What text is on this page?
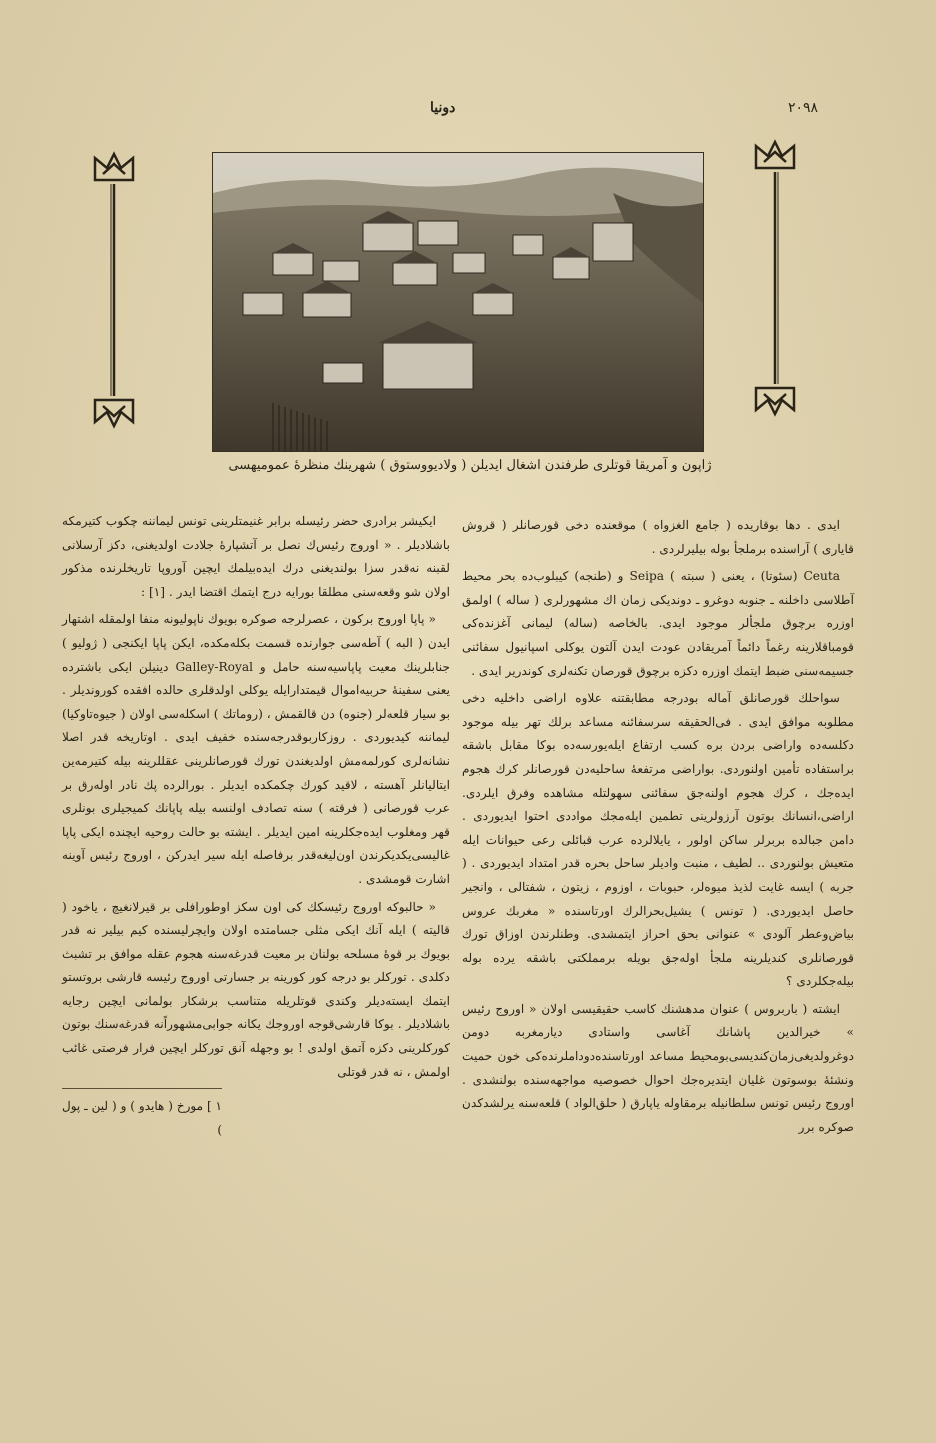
٢٠٩٨
دونیا
ژاپون و آمریقا قوتلری طرفندن اشغال ایدیلن ( ولادیووستوق ) شهرینك منظرهٔ عمومیهسی

ایدی . دها بوقاریده ( جامع الغزواه ) موقعنده دخی قورصانلر ( قروش قایاری ) آراسنده برملجأ بوله بیلیرلردی .

Ceuta (سئوتا) ، یعنی ( سبته ) Seipa و (طنجه) کیبلوب‌ده بحر محیط آطلاسی داخلنه ـ جنوبه دوغرو ـ دوندیکی زمان اك مشهورلری ( ساله ) اولمق اوزره برچوق ملجألر موجود ایدی. بالخاصه (ساله) لیمانی آغزنده‌کی قومباقلارینه رغماً دائماً آمریقادن عودت ایدن آلتون یوکلی اسپانیول سفائنی جسیمه‌سنی ضبط ایتمك اوزره دکزه برچوق قورصان تکنه‌لری کوندریر ایدی .

سواحلك قورصانلق آماله بودرجه مطابقتنه علاوه اراضی داخلیه دخی مطلوبه موافق ایدی . فی‌الحقیقه سرسفائنه مساعد برلك تهر بیله موجود دکلسه‌ده واراضی بردن بره کسب ارتفاع ایله‌یورسه‌ده بوکا مقابل باشقه براستفاده تأمین اولنوردی. بواراضی مرتفعهٔ ساحلیه‌دن قورصانلر کرك هجوم ایده‌جك ، کرك هجوم اولنه‌جق سفائنی سهولتله مشاهده وفرق ایلردی. اراضی،انسانك بوتون آرزولرینی تطمین ایله‌مجك مواددی احتوا ایدیوردی . دامن جبالده بربرلر ساکن اولور ، یایلالرده عرب قبائلی رعی حیوانات ایله متعیش بولنوردی .. لطیف ، منبت وادیلر ساحل بحره قدر امتداد ایدیوردی . ( جربه ) ایسه غایت لذیذ میوه‌لر، حبوبات ، اوزوم ، زیتون ، شفتالی ، وانجیر حاصل ایدیوردی. ( تونس ) یشیل‌بحرالرك اورتاسنده « مغربك عروس بیاض‌وعطر آلودی » عنوانی بحق احراز ایتمشدی. وطنلرندن اوزاق تورك قورصانلری کندیلرینه ملجأ اوله‌جق بویله برمملکتی باشقه یرده بوله بیله‌جکلردی ؟

ایشته ( باربروس ) عنوان مدهشنك کاسب حقیقیسی اولان « اوروج رئیس » خیرالدین پاشانك آغاسی واستادی دیارمغربه دومن دوغرولدیغی‌زمان‌کندیسی‌بومحیط مساعد اورتاسنده‌دوداملرنده‌کی خون حمیت ونشئهٔ بوسوتون غلیان ایتدیره‌جك احوال خصوصیه مواجهه‌سنده بولنشدی . اوروج رئیس تونس سلطانیله برمقاوله یاپارق ( حلق‌الواد ) قلعه‌سنه یرلشدکدن صوکره برر

ایکیشر برادری حضر رئیسله برابر غنیمتلرینی تونس لیماننه چکوب کتیرمکه باشلادیلر . « اوروج رئیس‌ك نصل بر آتشپارهٔ جلادت اولدیغنی، دکز آرسلانی لقبنه نه‌قدر سزا بولندیغنی درك ایده‌بیلمك ایچین آوروپا تاریخلرنده مذکور اولان شو وقعه‌سنی مطلقا بورایه درج ایتمك اقتضا ایدر . [١] :

« پاپا اوروج برکون ، عصرلرجه صوکره بویوك ناپولیونه منفا اولمقله اشتهار ایدن ( البه ) آطه‌سی جوارنده قسمت بکله‌مکده، ایکن پاپا ایکنجی ( ژولیو ) جنابلرینك معیت پاپاسیه‌سنه حامل و Galley-Royal دینیلن ایکی باشترده یعنی سفینهٔ حربیه‌اموال قیمتدارایله یوکلی اولدقلری حالده افقده کورونديلر . بو سیار قلعه‌لر (جنوه) دن قالقمش ، (روماتك ) اسکله‌سی اولان ( جیوه‌تاوکیا) لیماننه کیدیوردی . روزکاربوقدرجه‌سنده خفیف ایدی . اوتاریخه قدر اصلا نشانه‌لری کورلمه‌مش اولدیغندن تورك قورصانلرینی عقللرینه بیله کتیرمه‌ین ایتالیانلر آهسته ، لاقید کورك چکمکده ایدیلر . بورالرده پك نادر اوله‌رق بر عرب قورصانی ( فرقته ) سنه تصادف اولنسه بیله پاپانك کمیجیلری بونلری قهر ومغلوب ایده‌جکلرینه امین ایدیلر . ایشته بو حالت روحیه ایچنده ایکی پاپا غالیسی‌یکدیکرندن اون‌لیغه‌قدر برفاصله ایله سیر ایدرکن ، اوروج رئیس آوینه اشارت قومشدی .

« حالبوکه اوروج رئیسکك کی اون سکز اوطورافلی بر قیرلانغیچ ، یاخود ( قالیته ) ایله آنك ایکی مثلی جسامتده اولان وایچرلیسنده کیم بیلیر نه قدر بویوك بر قوهٔ مسلحه بولنان بر معیت قدرغه‌سنه هجوم عقله موافق بر تشبث دکلدی . تورکلر بو درجه کور کورینه بر جسارتی اوروج رئیسه قارشی بروتستو ایتمك ایسته‌دیلر وکندی قوتلریله متناسب برشکار بولمانی ایچین رجایه باشلادیلر . بوکا قارشی‌قوجه اوروجك یکانه جوابی‌مشهوراًنه قدرغه‌سنك بوتون کورکلرینی دکزه آتمق اولدی ! بو وجهله آنق تورکلر ایچین فرار فرصتی غائب اولمش ، نه قدر قوتلی

١ ] مورخ ( هایدو ) و ( لین ـ پول )
